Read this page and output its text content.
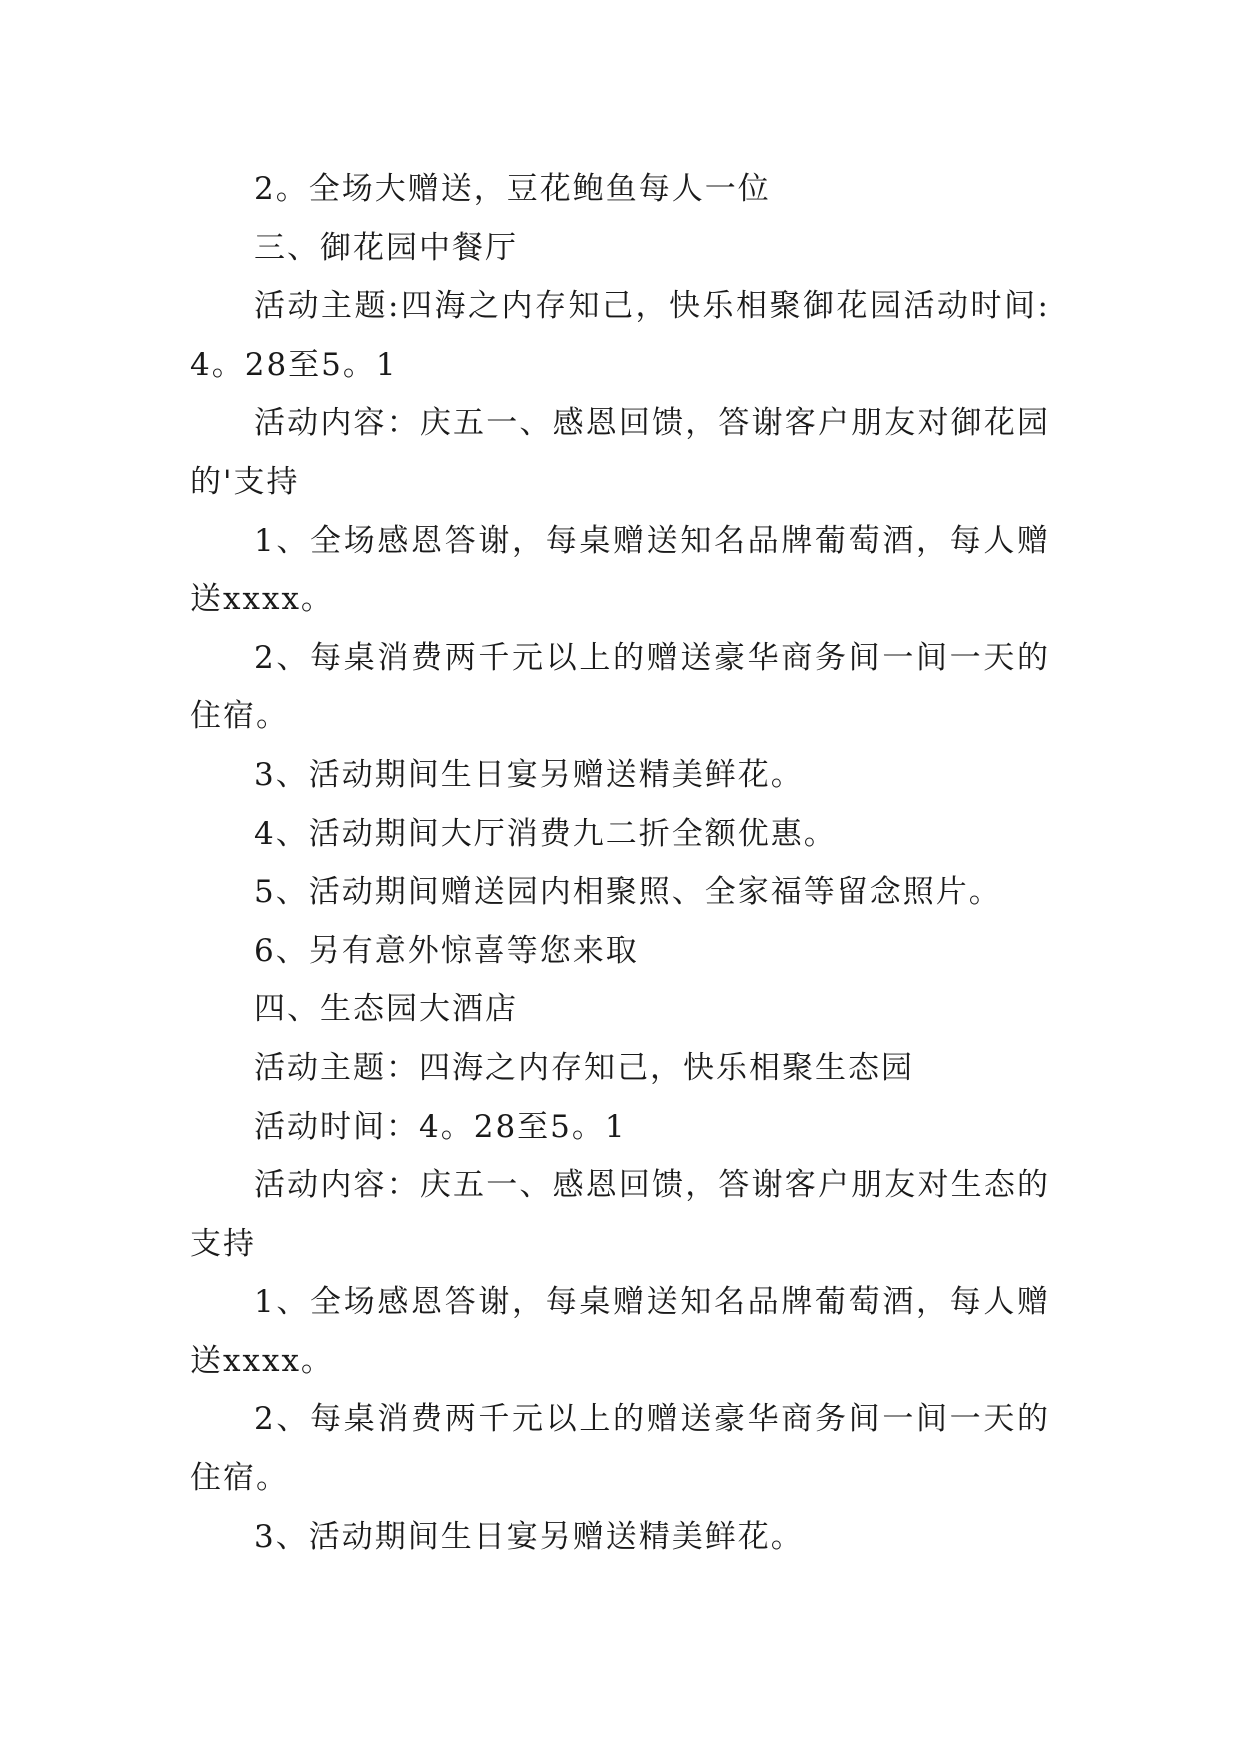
2。全场大赠送，豆花鲍鱼每人一位

三、御花园中餐厅

活动主题:四海之内存知己，快乐相聚御花园活动时间:4。28至5。1

活动内容：庆五一、感恩回馈，答谢客户朋友对御花园的'支持

1、全场感恩答谢，每桌赠送知名品牌葡萄酒，每人赠送xxxx。

2、每桌消费两千元以上的赠送豪华商务间一间一天的住宿。

3、活动期间生日宴另赠送精美鲜花。

4、活动期间大厅消费九二折全额优惠。

5、活动期间赠送园内相聚照、全家福等留念照片。

6、另有意外惊喜等您来取

四、生态园大酒店

活动主题：四海之内存知己，快乐相聚生态园

活动时间：4。28至5。1

活动内容：庆五一、感恩回馈，答谢客户朋友对生态的支持

1、全场感恩答谢，每桌赠送知名品牌葡萄酒，每人赠送xxxx。

2、每桌消费两千元以上的赠送豪华商务间一间一天的住宿。

3、活动期间生日宴另赠送精美鲜花。
